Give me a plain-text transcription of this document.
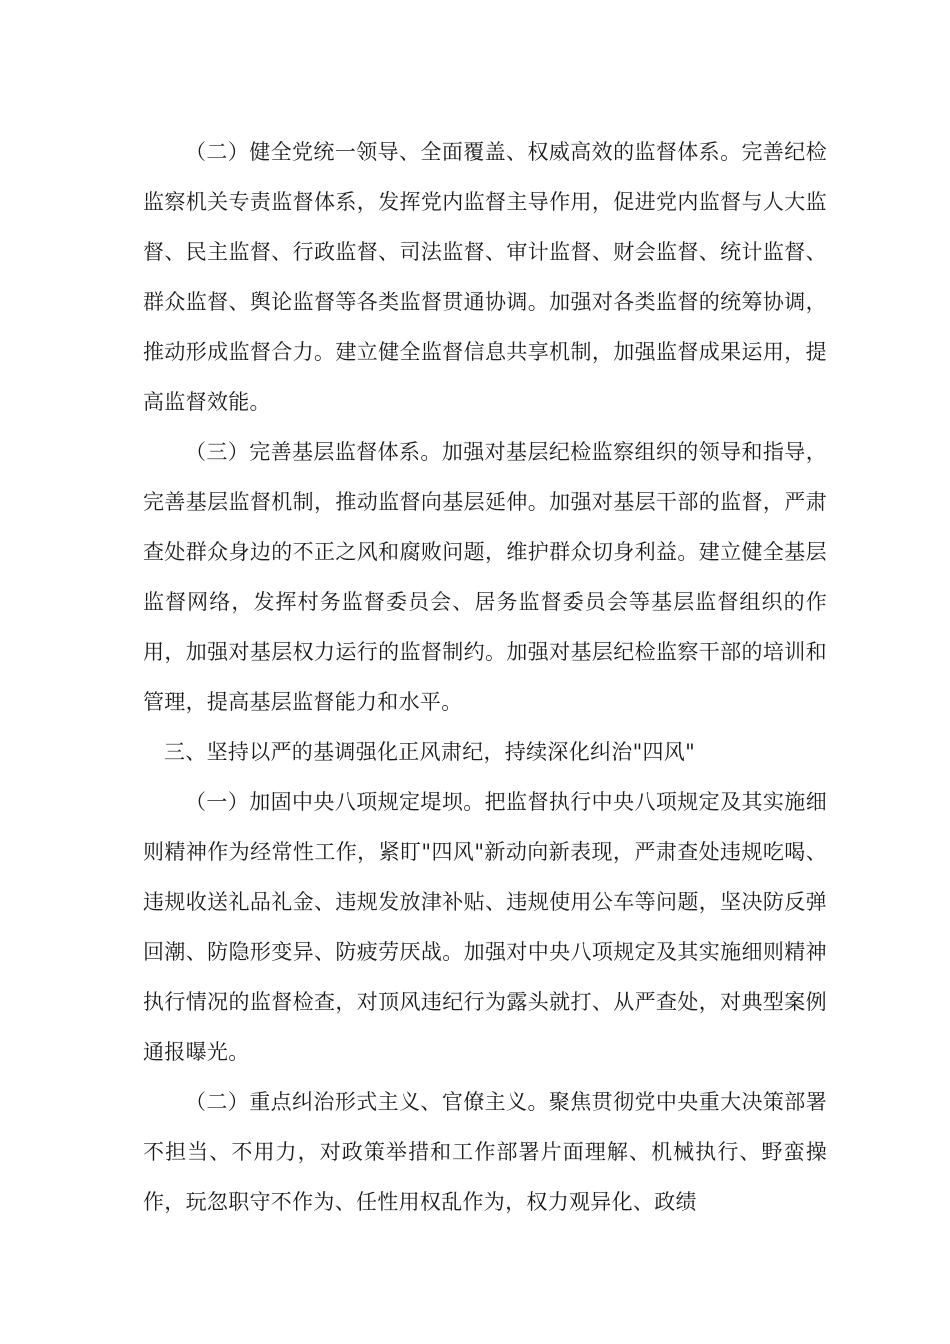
（二）健全党统一领导、全面覆盖、权威高效的监督体系。完善纪检监察机关专责监督体系，发挥党内监督主导作用，促进党内监督与人大监督、民主监督、行政监督、司法监督、审计监督、财会监督、统计监督、群众监督、舆论监督等各类监督贯通协调。加强对各类监督的统筹协调，推动形成监督合力。建立健全监督信息共享机制，加强监督成果运用，提高监督效能。

（三）完善基层监督体系。加强对基层纪检监察组织的领导和指导，完善基层监督机制，推动监督向基层延伸。加强对基层干部的监督，严肃查处群众身边的不正之风和腐败问题，维护群众切身利益。建立健全基层监督网络，发挥村务监督委员会、居务监督委员会等基层监督组织的作用，加强对基层权力运行的监督制约。加强对基层纪检监察干部的培训和管理，提高基层监督能力和水平。

三、坚持以严的基调强化正风肃纪，持续深化纠治"四风"

（一）加固中央八项规定堤坝。把监督执行中央八项规定及其实施细则精神作为经常性工作，紧盯"四风"新动向新表现，严肃查处违规吃喝、违规收送礼品礼金、违规发放津补贴、违规使用公车等问题，坚决防反弹回潮、防隐形变异、防疲劳厌战。加强对中央八项规定及其实施细则精神执行情况的监督检查，对顶风违纪行为露头就打、从严查处，对典型案例通报曝光。

（二）重点纠治形式主义、官僚主义。聚焦贯彻党中央重大决策部署不担当、不用力，对政策举措和工作部署片面理解、机械执行、野蛮操作，玩忽职守不作为、任性用权乱作为，权力观异化、政绩
